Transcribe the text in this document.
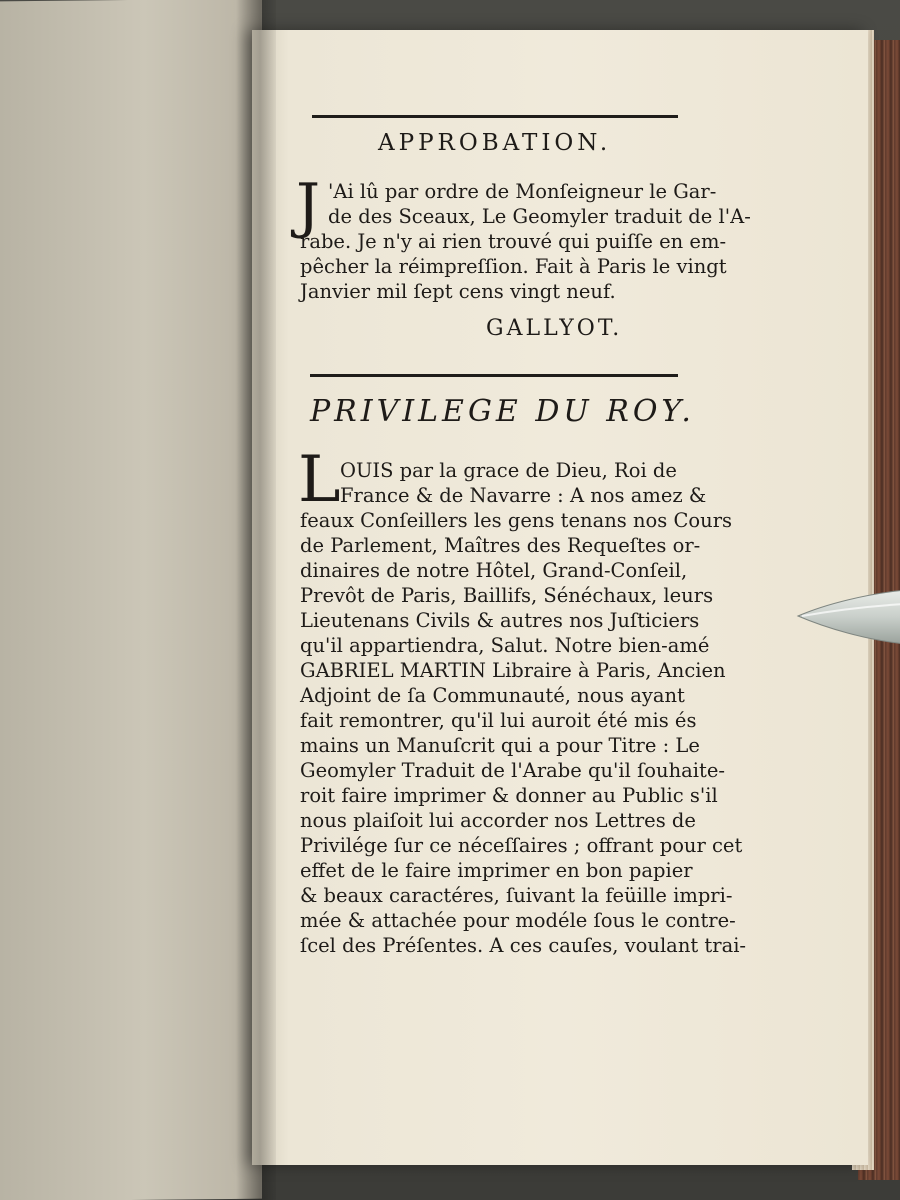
APPROBATION.
J 'Ai lû par ordre de Monſeigneur le Gar-
de des Sceaux, Le Geomyler traduit de l'A-
rabe. Je n'y ai rien trouvé qui puiſſe en em-
pêcher la réimpreſſion. Fait à Paris le vingt
Janvier mil ſept cens vingt neuf.
GALLYOT.
PRIVILEGE DU ROY.
L OUIS par la grace de Dieu, Roi de
France & de Navarre : A nos amez &
feaux Conſeillers les gens tenans nos Cours
de Parlement, Maîtres des Requeſtes or-
dinaires de notre Hôtel, Grand-Conſeil,
Prevôt de Paris, Baillifs, Sénéchaux, leurs
Lieutenans Civils & autres nos Juſticiers
qu'il appartiendra, Salut. Notre bien-amé
GABRIEL MARTIN Libraire à Paris, Ancien
Adjoint de ſa Communauté, nous ayant
fait remontrer, qu'il lui auroit été mis és
mains un Manuſcrit qui a pour Titre : Le
Geomyler Traduit de l'Arabe qu'il ſouhaite-
roit faire imprimer & donner au Public s'il
nous plaiſoit lui accorder nos Lettres de
Privilége ſur ce néceſſaires ; offrant pour cet
effet de le faire imprimer en bon papier
& beaux caractéres, ſuivant la feüille impri-
mée & attachée pour modéle ſous le contre-
ſcel des Préſentes. A ces cauſes, voulant trai-
